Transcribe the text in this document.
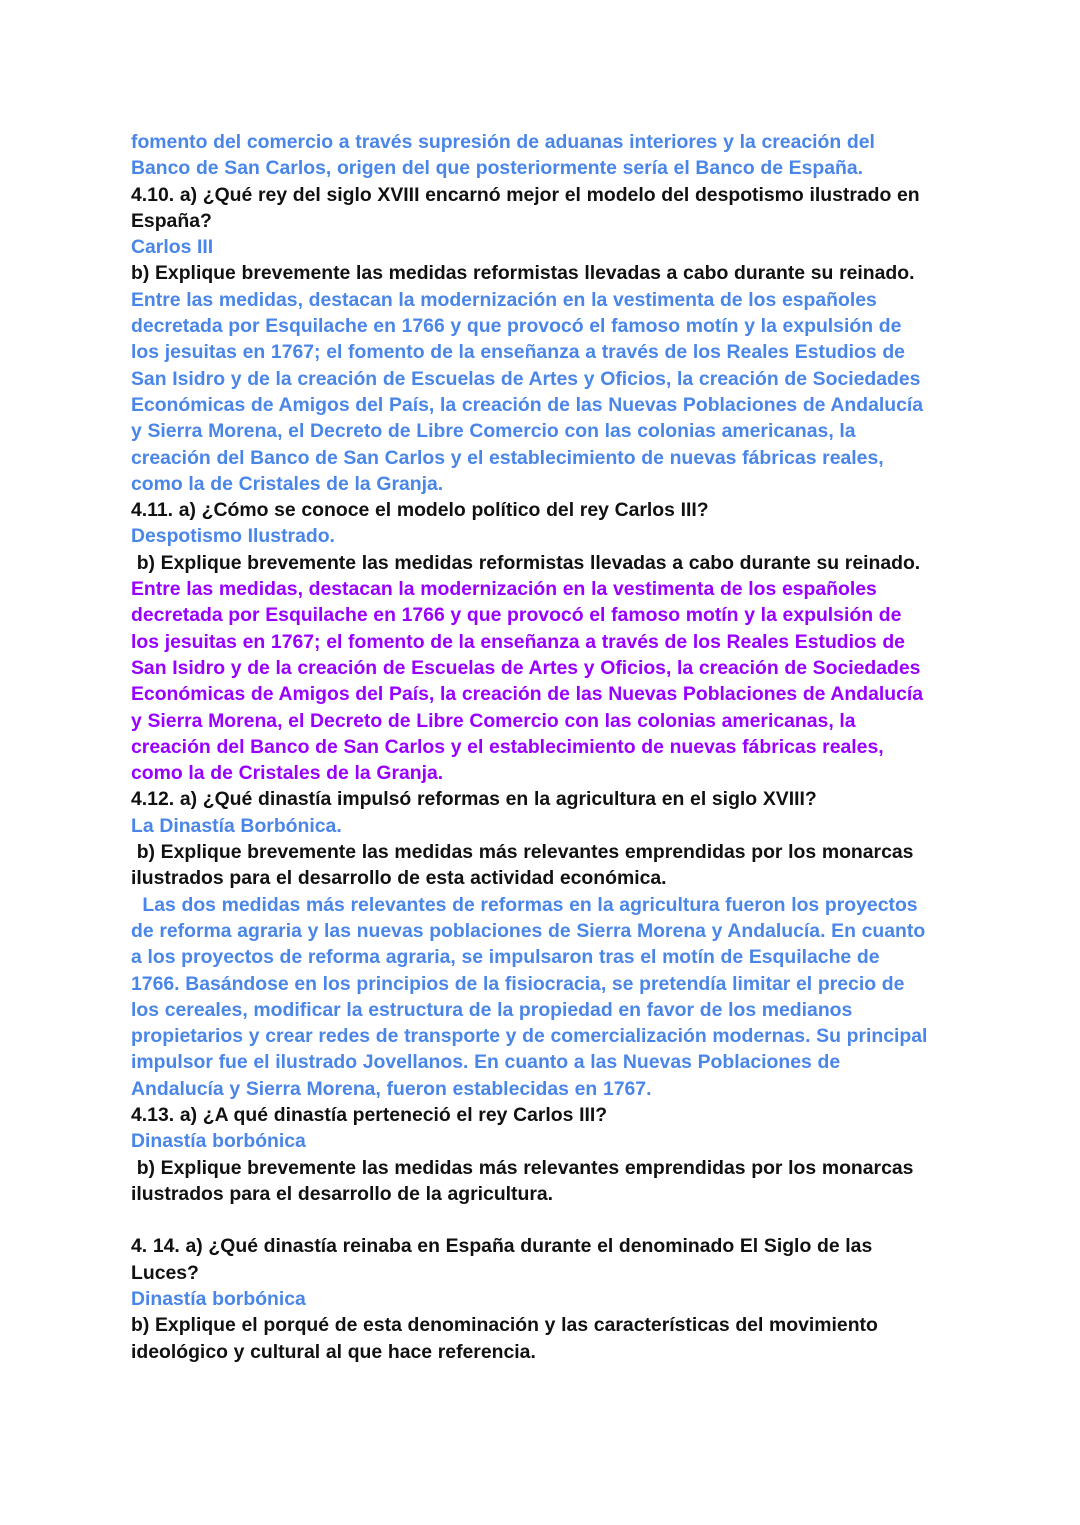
fomento del comercio a través supresión de aduanas interiores y la creación del
Banco de San Carlos, origen del que posteriormente sería el Banco de España.

4.10. a) ¿Qué rey del siglo XVIII encarnó mejor el modelo del despotismo ilustrado en
España?

Carlos III

b) Explique brevemente las medidas reformistas llevadas a cabo durante su reinado.

Entre las medidas, destacan la modernización en la vestimenta de los españoles
decretada por Esquilache en 1766 y que provocó el famoso motín y la expulsión de
los jesuitas en 1767; el fomento de la enseñanza a través de los Reales Estudios de
San Isidro y de la creación de Escuelas de Artes y Oficios, la creación de Sociedades
Económicas de Amigos del País, la creación de las Nuevas Poblaciones de Andalucía
y Sierra Morena, el Decreto de Libre Comercio con las colonias americanas, la
creación del Banco de San Carlos y el establecimiento de nuevas fábricas reales,
como la de Cristales de la Granja.

4.11. a) ¿Cómo se conoce el modelo político del rey Carlos III?

Despotismo Ilustrado.

b) Explique brevemente las medidas reformistas llevadas a cabo durante su reinado.

Entre las medidas, destacan la modernización en la vestimenta de los españoles
decretada por Esquilache en 1766 y que provocó el famoso motín y la expulsión de
los jesuitas en 1767; el fomento de la enseñanza a través de los Reales Estudios de
San Isidro y de la creación de Escuelas de Artes y Oficios, la creación de Sociedades
Económicas de Amigos del País, la creación de las Nuevas Poblaciones de Andalucía
y Sierra Morena, el Decreto de Libre Comercio con las colonias americanas, la
creación del Banco de San Carlos y el establecimiento de nuevas fábricas reales,
como la de Cristales de la Granja.

4.12. a) ¿Qué dinastía impulsó reformas en la agricultura en el siglo XVIII?

La Dinastía Borbónica.

b) Explique brevemente las medidas más relevantes emprendidas por los monarcas
ilustrados para el desarrollo de esta actividad económica.

Las dos medidas más relevantes de reformas en la agricultura fueron los proyectos
de reforma agraria y las nuevas poblaciones de Sierra Morena y Andalucía. En cuanto
a los proyectos de reforma agraria, se impulsaron tras el motín de Esquilache de
1766. Basándose en los principios de la fisiocracia, se pretendía limitar el precio de
los cereales, modificar la estructura de la propiedad en favor de los medianos
propietarios y crear redes de transporte y de comercialización modernas. Su principal
impulsor fue el ilustrado Jovellanos. En cuanto a las Nuevas Poblaciones de
Andalucía y Sierra Morena, fueron establecidas en 1767.

4.13. a) ¿A qué dinastía perteneció el rey Carlos III?

Dinastía borbónica

b) Explique brevemente las medidas más relevantes emprendidas por los monarcas
ilustrados para el desarrollo de la agricultura.

4. 14. a) ¿Qué dinastía reinaba en España durante el denominado El Siglo de las
Luces?

Dinastía borbónica

b) Explique el porqué de esta denominación y las características del movimiento
ideológico y cultural al que hace referencia.
